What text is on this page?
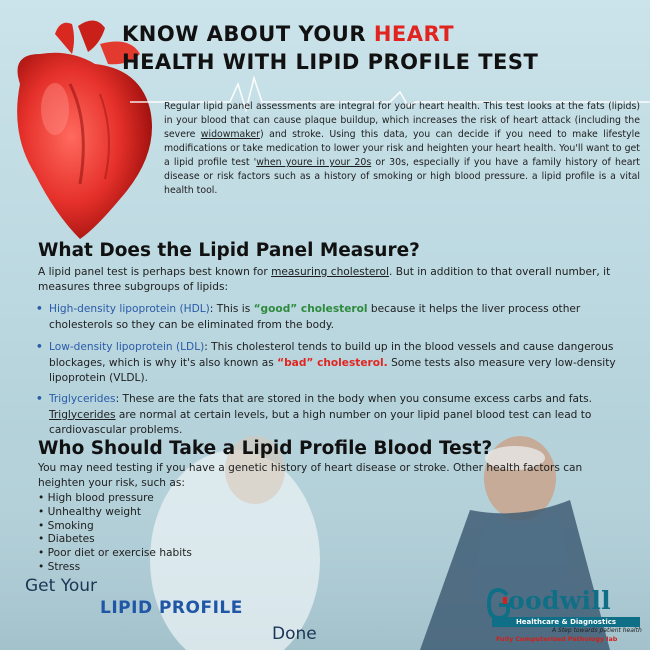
KNOW ABOUT YOUR HEART
HEALTH WITH LIPID PROFILE TEST
Regular lipid panel assessments are integral for your heart health. This test looks at the fats (lipids) in your blood that can cause plaque buildup, which increases the risk of heart attack (including the severe widowmaker) and stroke. Using this data, you can decide if you need to make lifestyle modifications or take medication to lower your risk and heighten your heart health. You'll want to get a lipid profile test 'when youre in your 20s or 30s, especially if you have a family history of heart disease or risk factors such as a history of smoking or high blood pressure. a lipid profile is a vital health tool.
What Does the Lipid Panel Measure?

A lipid panel test is perhaps best known for measuring cholesterol. But in addition to that overall number, it measures three subgroups of lipids:

• High-density lipoprotein (HDL): This is “good” cholesterol because it helps the liver process other cholesterols so they can be eliminated from the body.
• Low-density lipoprotein (LDL): This cholesterol tends to build up in the blood vessels and cause dangerous blockages, which is why it's also known as “bad” cholesterol. Some tests also measure very low-density lipoprotein (VLDL).
• Triglycerides: These are the fats that are stored in the body when you consume excess carbs and fats. Triglycerides are normal at certain levels, but a high number on your lipid panel blood test can lead to cardiovascular problems.
Who Should Take a Lipid Profile Blood Test?

You may need testing if you have a genetic history of heart disease or stroke. Other health factors can heighten your risk, such as:

• High blood pressure
• Unhealthy weight
• Smoking
• Diabetes
• Poor diet or exercise habits
• Stress
Get Your
LIPID PROFILE
Done
oodwill
Healthcare & Diagnostics
A Step towards patient health
Fully Computerised Pathology lab
